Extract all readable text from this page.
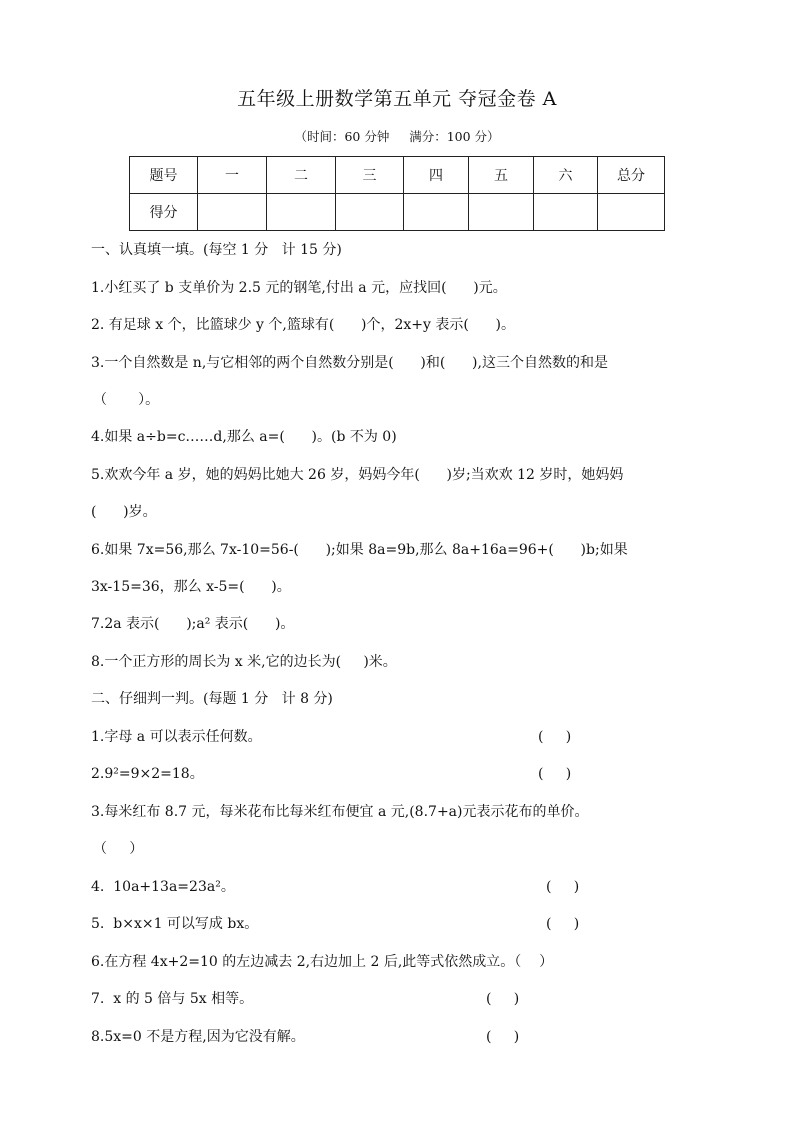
五年级上册数学第五单元 夺冠金卷 A
（时间：60 分钟     满分：100 分）
题号	一	二	三	四	五	六	总分
得分							
一、认真填一填。(每空 1 分   计 15 分)
1.小红买了 b 支单价为 2.5 元的钢笔,付出 a 元，应找回(      )元。
2. 有足球 x 个，比篮球少 y 个,篮球有(      )个，2x+y 表示(      )。
3.一个自然数是 n,与它相邻的两个自然数分别是(      )和(      ),这三个自然数的和是
（       ）。
4.如果 a÷b=c……d,那么 a=(      )。(b 不为 0)
5.欢欢今年 a 岁，她的妈妈比她大 26 岁，妈妈今年(      )岁;当欢欢 12 岁时，她妈妈
(      )岁。
6.如果 7x=56,那么 7x-10=56-(      );如果 8a=9b,那么 8a+16a=96+(      )b;如果
3x-15=36，那么 x-5=(      )。
7.2a 表示(      );a² 表示(      )。
8.一个正方形的周长为 x 米,它的边长为(     )米。
二、仔细判一判。(每题 1 分   计 8 分)
1.字母 a 可以表示任何数。	(     )
2.9²=9×2=18。	(     )
3.每米红布 8.7 元，每米花布比每米红布便宜 a 元,(8.7+a)元表示花布的单价。
（     ）
4.  10a+13a=23a²。	(     )
5.  b×x×1 可以写成 bx。	(     )
6.在方程 4x+2=10 的左边减去 2,右边加上 2 后,此等式依然成立。（    ）
7.  x 的 5 倍与 5x 相等。	(     )
8.5x=0 不是方程,因为它没有解。	(     )
